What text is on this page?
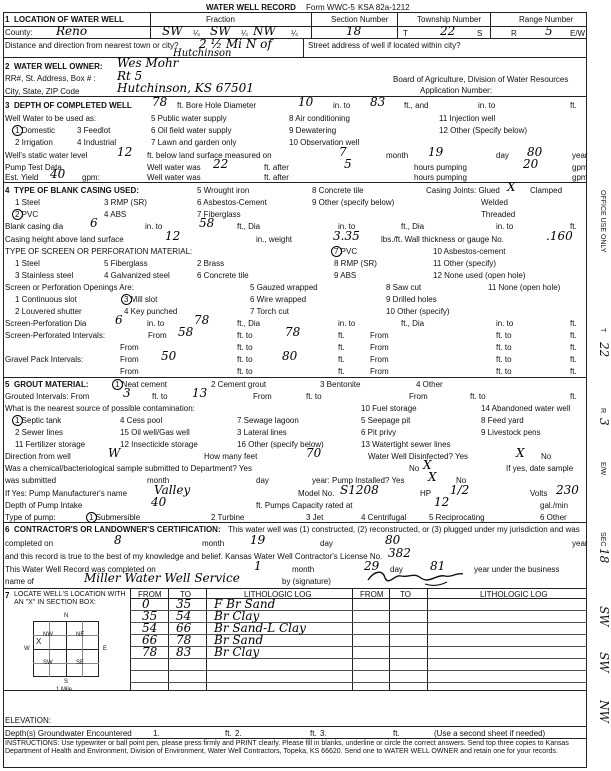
WATER WELL RECORD Form WWC-5 KSA 82a-1212
1 LOCATION OF WATER WELL
County: Reno
Fraction
SW ¼ SW ¼ NW ¼
Section Number
18
Township Number
T	22	S
Range Number
R 5 E/W
Distance and direction from nearest town or city? 2 ½ Mi N of
Hutchinson
Street address of well if located within city?
2 WATER WELL OWNER: Wes Mohr
RR#, St. Address, Box # : Rt 5
City, State, ZIP Code	Hutchinson, KS 67501
Board of Agriculture, Division of Water Resources
Application Number:
3 DEPTH OF COMPLETED WELL 78 ft. Bore Hole Diameter	10 in. to 83 ft., and	in. to	ft.
Well Water to be used as:
1 Domestic	3 Feedlot
5 Public water supply	8 Air conditioning	11 Injection well
2 Irrigation	4 Industrial
6 Oil field water supply	9 Dewatering	12 Other (Specify below)
7 Lawn and garden only	10 Observation well
Well's static water level 12 ft. below land surface measured on	7	month 19	day 80	year
Pump Test Data	Well water was 22	ft. after	5	hours pumping	20	gpm
Est. Yield 40 gpm:	Well water was	ft. after	hours pumping	gpm
4 TYPE OF BLANK CASING USED:
1 Steel	3 RMP (SR)
5 Wrought iron
6 Asbestos-Cement
8 Concrete tile
9 Other (specify below)
2 PVC	4 ABS	7 Fiberglass
Casing Joints: Glued X Clamped
Welded
Threaded
Blank casing dia 6	in. to	58	ft., Dia	in. to	ft., Dia	in. to	ft.
Casing height above land surface	12	in., weight	3.35	lbs./ft. Wall thickness or gauge No.	.160
TYPE OF SCREEN OR PERFORATION MATERIAL:	7 PVC	10 Asbestos-cement
1 Steel	5 Fiberglass	2 Brass	8 RMP (SR)	11 Other (specify)
3 Stainless steel	4 Galvanized steel	6 Concrete tile	9 ABS	12 None used (open hole)
Screen or Perforation Openings Are:	5 Gauzed wrapped	8 Saw cut	11 None (open hole)
1 Continuous slot	3 Mill slot	6 Wire wrapped	9 Drilled holes
2 Louvered shutter	4 Key punched	7 Torch cut	10 Other (specify)
Screen-Perforation Dia 6	in. to 78	ft., Dia	in. to	ft., Dia	in. to	ft.
Screen-Perforated Intervals:	From 58	ft. to	78	ft.	From	ft. to	ft.
From	ft. to	ft.	From	ft. to	ft.
Gravel Pack Intervals:	From 50	ft. to 80	ft.	From	ft. to	ft.
From	ft. to	ft.	From	ft. to	ft.
5 GROUT MATERIAL:	1 Neat cement	2 Cement grout	3 Bentonite	4 Other
Grouted Intervals: From	3	ft. to 13	From	ft. to	From	ft. to	ft.
What is the nearest source of possible contamination:	10 Fuel storage	14 Abandoned water well
1 Septic tank	4 Cess pool	7 Sewage lagoon	5 Seepage pit	8 Feed yard
2 Sewer lines	15 Oil well/Gas well	3 Lateral lines	6 Pit privy	9 Livestock pens
11 Fertilizer storage	12 Insecticide storage	16 Other (specify below)	13 Watertight sewer lines
Direction from well	W	How many feet	70	Water Well Disinfected? Yes	X No
Was a chemical/bacteriological sample submitted to Department? Yes	No X	If yes, date sample
was submitted	month	day	year: Pump Installed? Yes X No
If Yes: Pump Manufacturer's name Valley	Model No. S1208	HP 1/2	Volts 230
Depth of Pump Intake	40	ft. Pumps Capacity rated at	12	gal./min
Type of pump:	1 Submersible	2 Turbine	3 Jet	4 Centrifugal	5 Reciprocating	6 Other
6 CONTRACTOR'S OR LANDOWNER'S CERTIFICATION: This water well was (1) constructed, (2) reconstructed, or (3) plugged under my jurisdiction and was
completed on	8	month 19	day	80	year
and this record is true to the best of my knowledge and belief. Kansas Water Well Contractor's License No. 382
This Water Well Record was completed on	1	month	29 day 81	year under the business
name of	Miller Water Well Service	by (signature)
7 LOCATE WELL'S LOCATION WITH AN "X" IN SECTION BOX:
FROM TO	LITHOLOGIC LOG	FROM TO	LITHOLOGIC LOG
0 35 F Br Sand
35 54 Br Clay
54 66 Br Sand-L Clay
66 78 Br Sand
78 83 Br Clay
NW	NE
SW	SE
N
S
W	E
X
ELEVATION:
Depth(s) Groundwater Encountered	1.	ft. 2.	ft. 3.	ft.	(Use a second sheet if needed)
INSTRUCTIONS: Use typewriter or ball point pen, please press firmly and PRINT clearly. Please fill in blanks, underline or circle the correct answers. Send top three copies to Kansas Department of Health and Environment, Division of Environment, Water Well Contractors, Topeka, KS 66620. Send one to WATER WELL OWNER and retain one for your records.
OFFICE USE ONLY
T
22
R
3
E/W
SEC
18
SW
SW
NW
